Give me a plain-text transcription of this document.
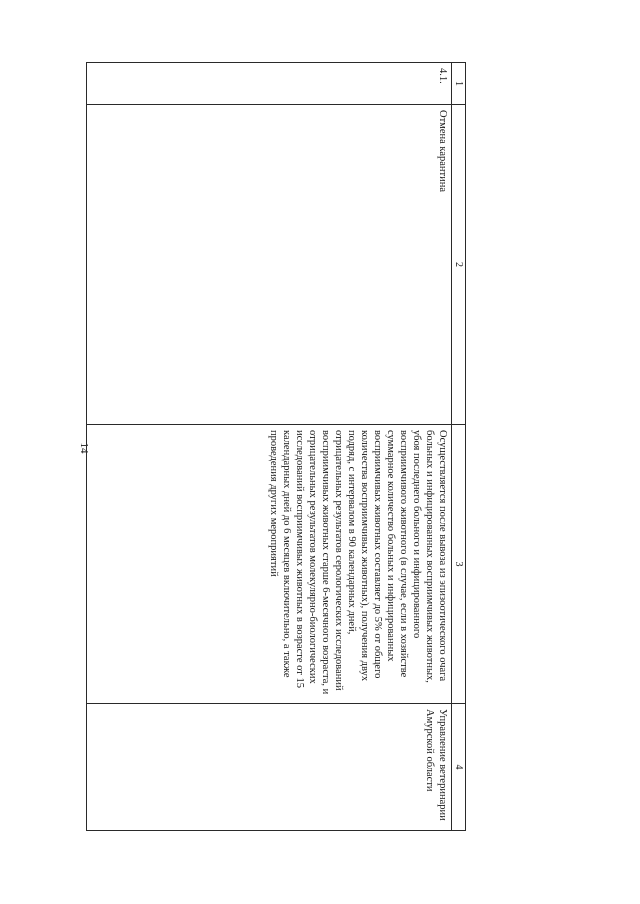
14
1	2	3	4
4.1.	Отмена карантина	Осуществляется после вывоза из эпизоотического очага больных и инфицированных восприимчивых животных, убоя последнего больного и инфицированного восприимчивого животного (в случае, если в хозяйстве суммарное количество больных и инфицированных восприимчивых животных составляет до 5% от общего количества восприимчивых животных), получения двух подряд, с интервалом в 90 календарных дней, отрицательных результатов серологических исследований восприимчивых животных старше 6-месячного возраста, и отрицательных результатов молекулярно-биологических исследований восприимчивых животных в возрасте от 15 календарных дней до 6 месяцев включительно, а также проведения других мероприятий	Управление ветеринарии Амурской области
